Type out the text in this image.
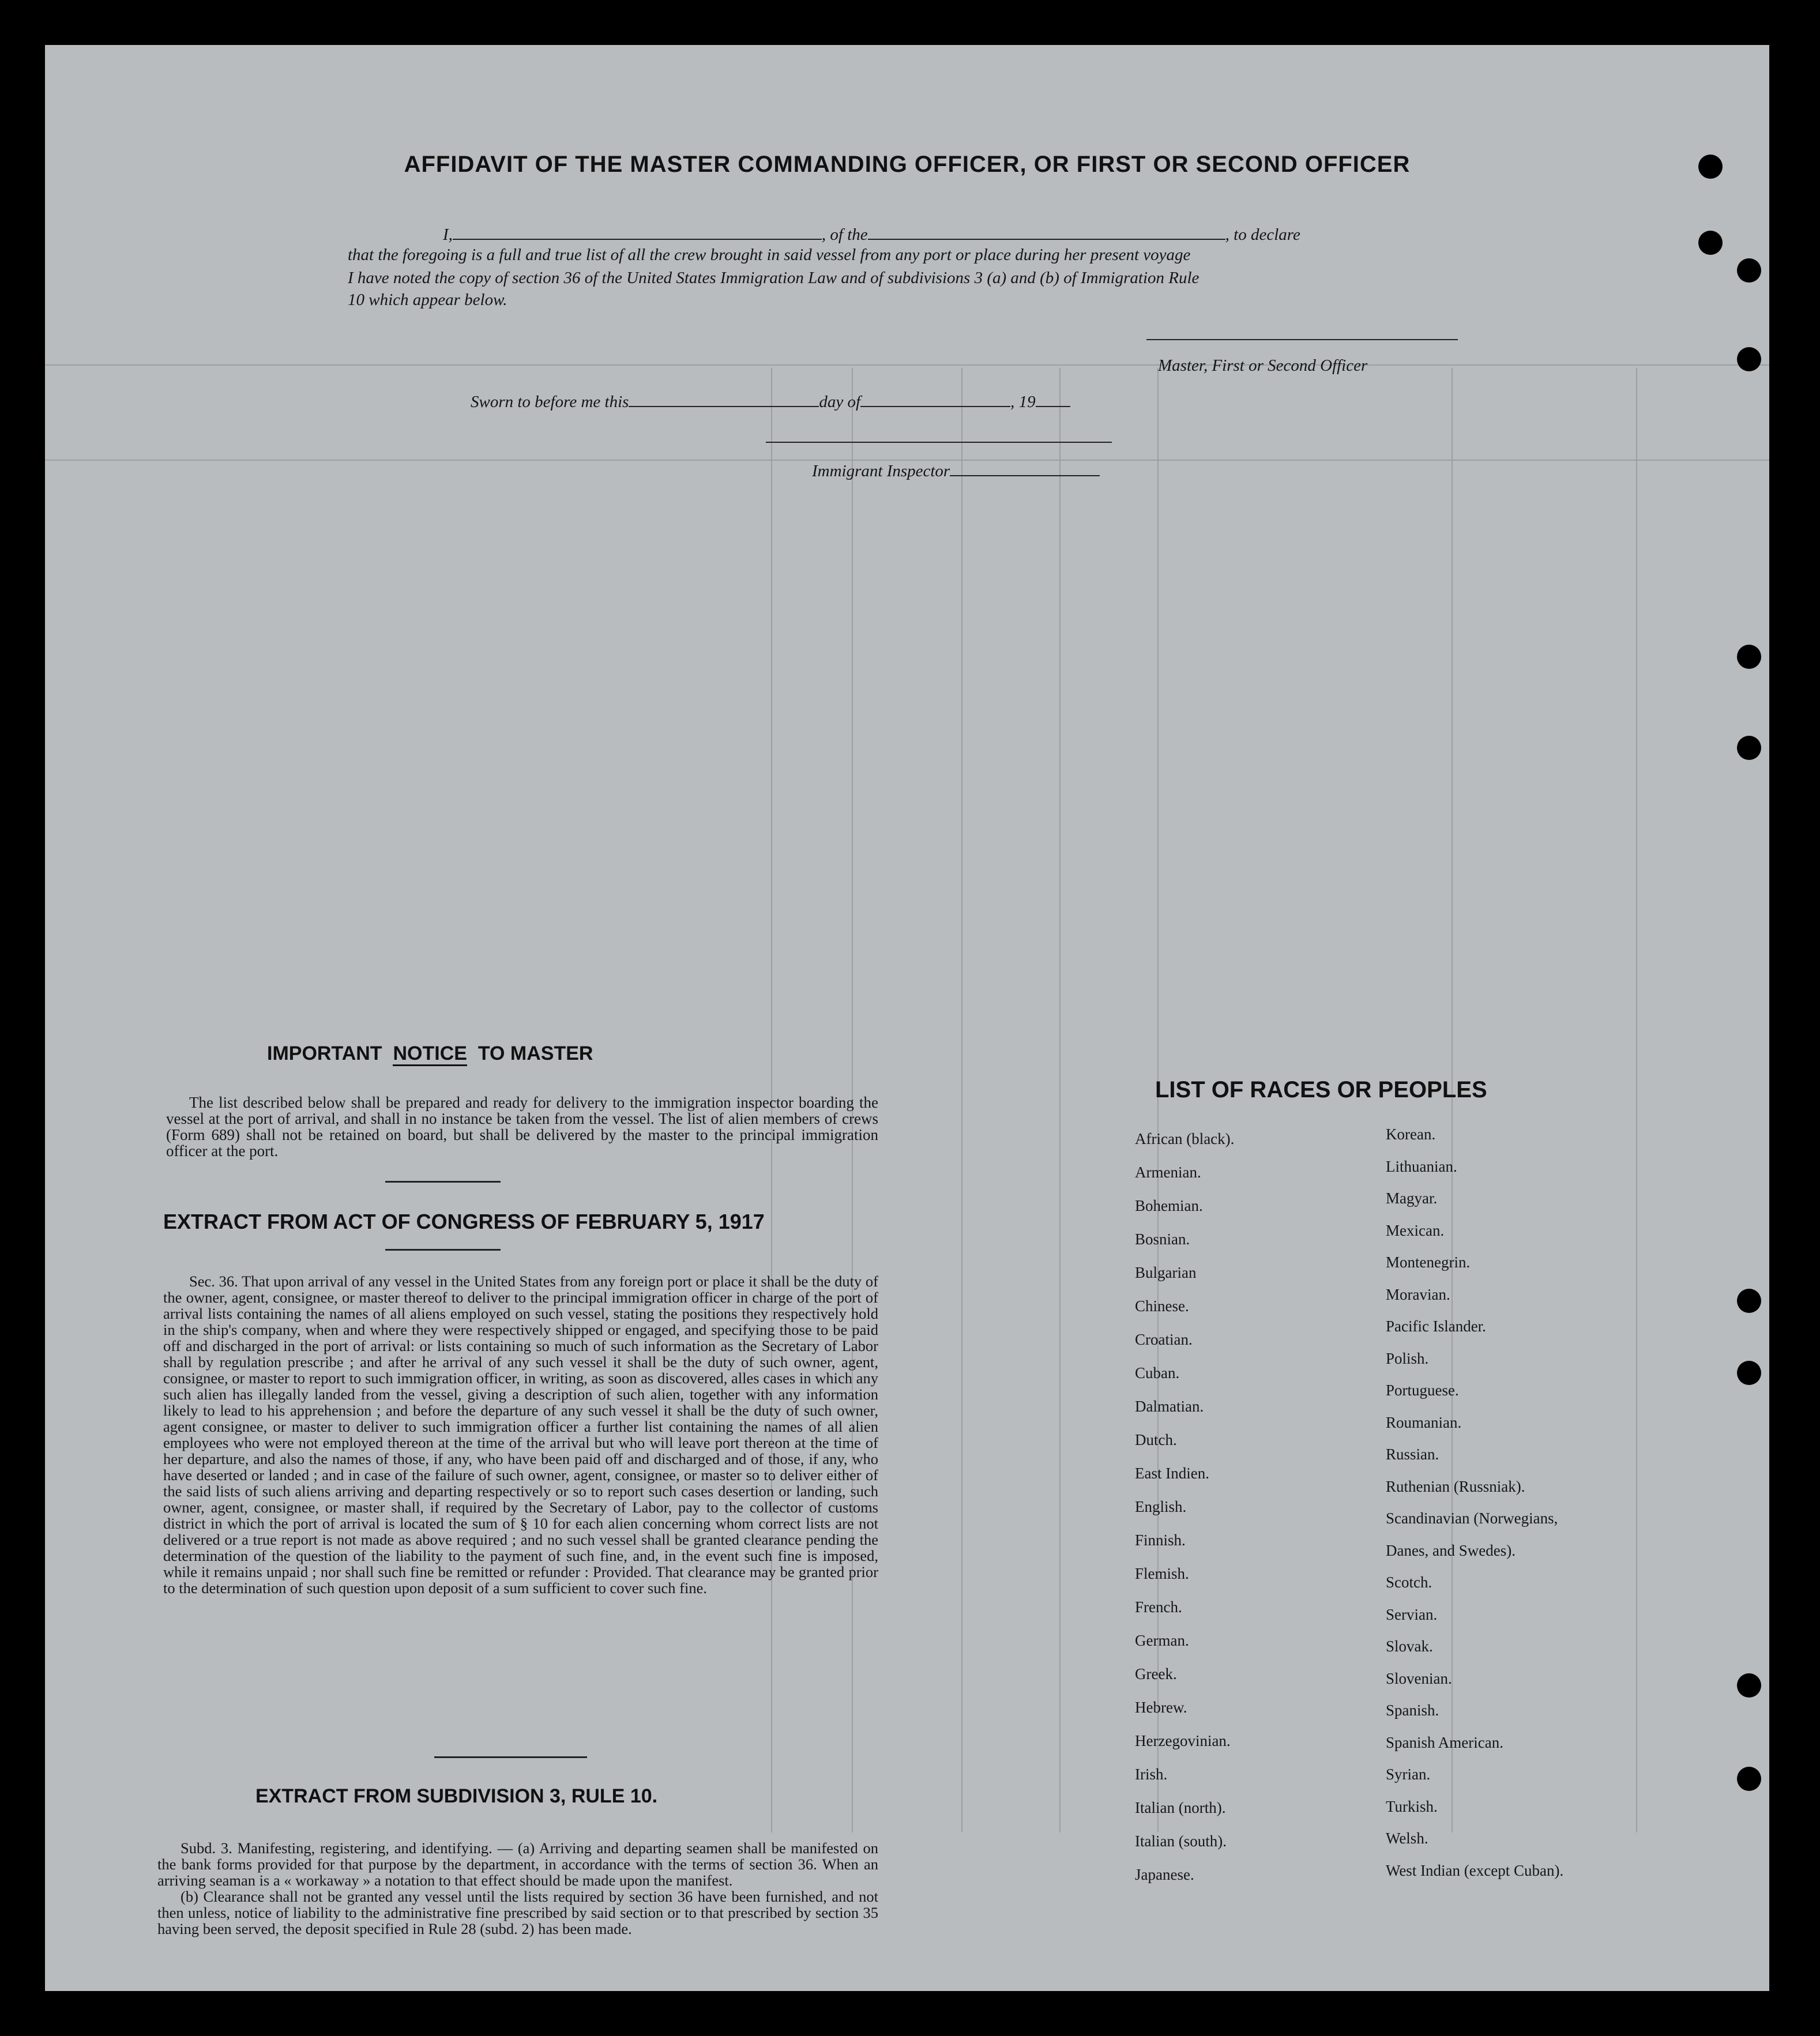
AFFIDAVIT OF THE MASTER COMMANDING OFFICER, OR FIRST OR SECOND OFFICER
I,	, of the	, to declare
that the foregoing is a full and true list of all the crew brought in said vessel from any port or place during her present voyage
I have noted the copy of section 36 of the United States Immigration Law and of subdivisions 3 (a) and (b) of Immigration Rule
10 which appear below.
Master, First or Second Officer
Sworn to before me this	day of	, 19
Immigrant Inspector
IMPORTANT NOTICE TO MASTER
The list described below shall be prepared and ready for delivery to the immigration inspector boarding the vessel at the port of arrival, and shall in no instance be taken from the vessel. The list of alien members of crews (Form 689) shall not be retained on board, but shall be delivered by the master to the principal immigration officer at the port.
EXTRACT FROM ACT OF CONGRESS OF FEBRUARY 5, 1917
Sec. 36. That upon arrival of any vessel in the United States from any foreign port or place it shall be the duty of the owner, agent, consignee, or master thereof to deliver to the principal immigration officer in charge of the port of arrival lists containing the names of all aliens employed on such vessel, stating the positions they respectively hold in the ship's company, when and where they were respectively shipped or engaged, and specifying those to be paid off and discharged in the port of arrival: or lists containing so much of such information as the Secretary of Labor shall by regulation prescribe ; and after he arrival of any such vessel it shall be the duty of such owner, agent, consignee, or master to report to such immigration officer, in writing, as soon as discovered, alles cases in which any such alien has illegally landed from the vessel, giving a description of such alien, together with any information likely to lead to his apprehension ; and before the departure of any such vessel it shall be the duty of such owner, agent consignee, or master to deliver to such immigration officer a further list containing the names of all alien employees who were not employed thereon at the time of the arrival but who will leave port thereon at the time of her departure, and also the names of those, if any, who have been paid off and discharged and of those, if any, who have deserted or landed ; and in case of the failure of such owner, agent, consignee, or master so to deliver either of the said lists of such aliens arriving and departing respectively or so to report such cases desertion or landing, such owner, agent, consignee, or master shall, if required by the Secretary of Labor, pay to the collector of customs district in which the port of arrival is located the sum of § 10 for each alien concerning whom correct lists are not delivered or a true report is not made as above required ; and no such vessel shall be granted clearance pending the determination of the question of the liability to the payment of such fine, and, in the event such fine is imposed, while it remains unpaid ; nor shall such fine be remitted or refunder : Provided. That clearance may be granted prior to the determination of such question upon deposit of a sum sufficient to cover such fine.
EXTRACT FROM SUBDIVISION 3, RULE 10.
Subd. 3. Manifesting, registering, and identifying. — (a) Arriving and departing seamen shall be manifested on the bank forms provided for that purpose by the department, in accordance with the terms of section 36. When an arriving seaman is a « workaway » a notation to that effect should be made upon the manifest.
(b) Clearance shall not be granted any vessel until the lists required by section 36 have been furnished, and not then unless, notice of liability to the administrative fine prescribed by said section or to that prescribed by section 35 having been served, the deposit specified in Rule 28 (subd. 2) has been made.
LIST OF RACES OR PEOPLES
African (black).
Armenian.
Bohemian.
Bosnian.
Bulgarian
Chinese.
Croatian.
Cuban.
Dalmatian.
Dutch.
East Indien.
English.
Finnish.
Flemish.
French.
German.
Greek.
Hebrew.
Herzegovinian.
Irish.
Italian (north).
Italian (south).
Japanese.
Korean.
Lithuanian.
Magyar.
Mexican.
Montenegrin.
Moravian.
Pacific Islander.
Polish.
Portuguese.
Roumanian.
Russian.
Ruthenian (Russniak).
Scandinavian (Norwegians,
Danes, and Swedes).
Scotch.
Servian.
Slovak.
Slovenian.
Spanish.
Spanish American.
Syrian.
Turkish.
Welsh.
West Indian (except Cuban).
